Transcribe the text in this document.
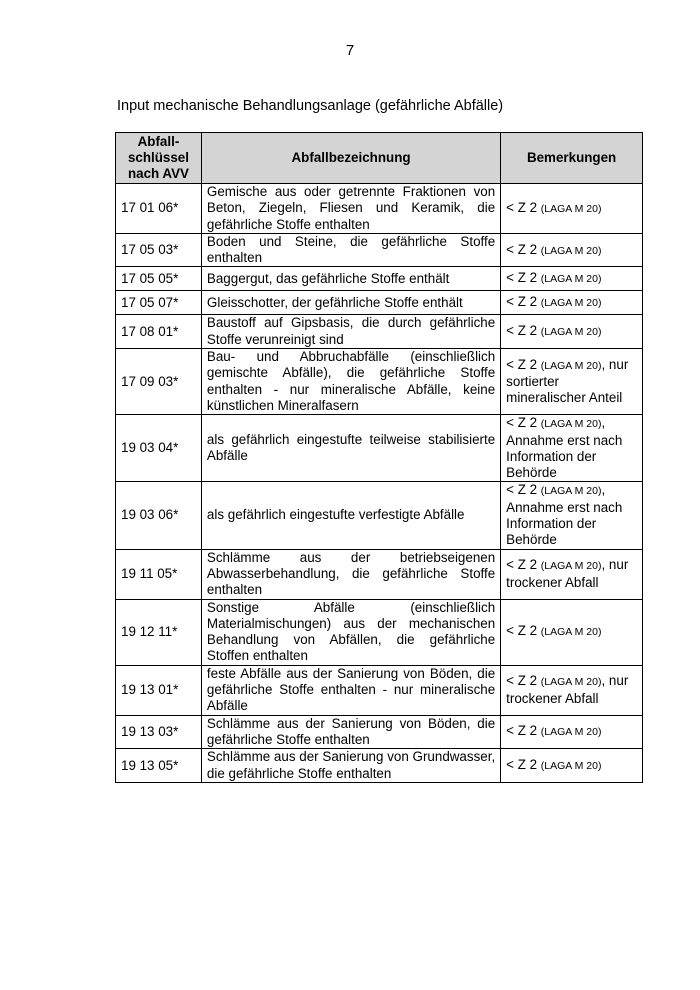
7
Input mechanische Behandlungsanlage (gefährliche Abfälle)
Abfall-
schlüssel
nach AVV	Abfallbezeichnung	Bemerkungen
17 01 06*	Gemische aus oder getrennte Fraktionen von Beton, Ziegeln, Fliesen und Keramik, die gefährliche Stoffe enthalten	< Z 2 (LAGA M 20)
17 05 03*	Boden und Steine, die gefährliche Stoffe enthalten	< Z 2 (LAGA M 20)
17 05 05*	Baggergut, das gefährliche Stoffe enthält	< Z 2 (LAGA M 20)
17 05 07*	Gleisschotter, der gefährliche Stoffe enthält	< Z 2 (LAGA M 20)
17 08 01*	Baustoff auf Gipsbasis, die durch gefährliche Stoffe verunreinigt sind	< Z 2 (LAGA M 20)
17 09 03*	Bau- und Abbruchabfälle (einschließlich gemischte Abfälle), die gefährliche Stoffe enthalten - nur mineralische Abfälle, keine künstlichen Mineralfasern	< Z 2 (LAGA M 20), nur sortierter mineralischer Anteil
19 03 04*	als gefährlich eingestufte teilweise stabilisierte Abfälle	< Z 2 (LAGA M 20), Annahme erst nach Information der Behörde
19 03 06*	als gefährlich eingestufte verfestigte Abfälle	< Z 2 (LAGA M 20), Annahme erst nach Information der Behörde
19 11 05*	Schlämme aus der betriebseigenen Abwasserbehandlung, die gefährliche Stoffe enthalten	< Z 2 (LAGA M 20), nur trockener Abfall
19 12 11*	Sonstige Abfälle (einschließlich Materialmischungen) aus der mechanischen Behandlung von Abfällen, die gefährliche Stoffen enthalten	< Z 2 (LAGA M 20)
19 13 01*	feste Abfälle aus der Sanierung von Böden, die gefährliche Stoffe enthalten - nur mineralische Abfälle	< Z 2 (LAGA M 20), nur trockener Abfall
19 13 03*	Schlämme aus der Sanierung von Böden, die gefährliche Stoffe enthalten	< Z 2 (LAGA M 20)
19 13 05*	Schlämme aus der Sanierung von Grundwasser, die gefährliche Stoffe enthalten	< Z 2 (LAGA M 20)
